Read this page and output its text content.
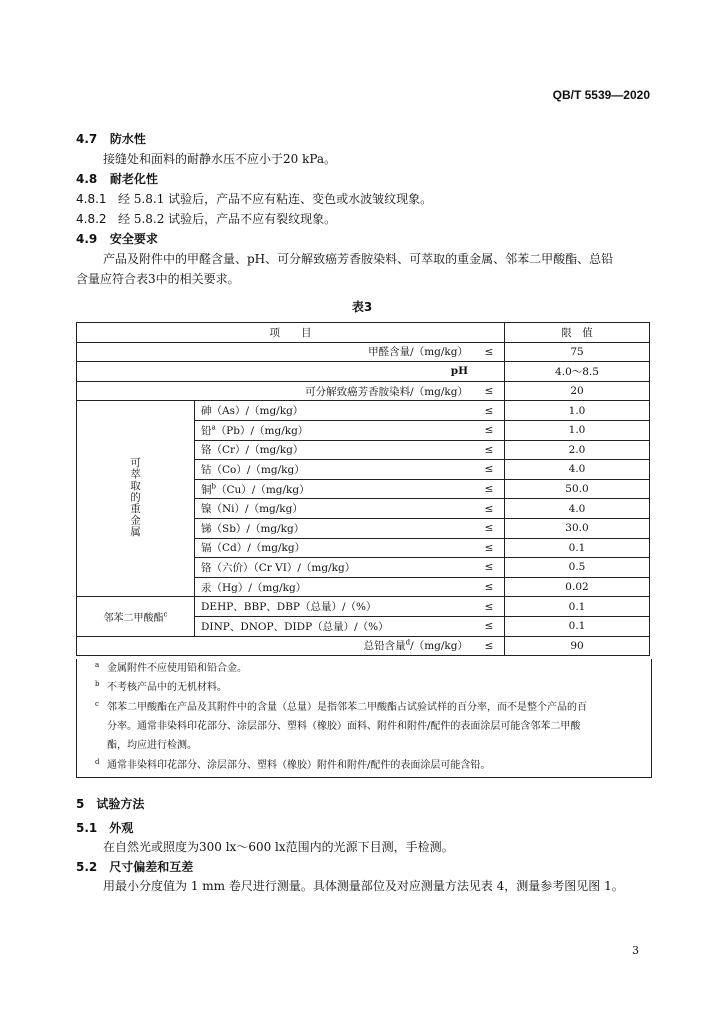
QB/T 5539—2020
4.7 防水性
接缝处和面料的耐静水压不应小于20 kPa。
4.8 耐老化性
4.8.1 经 5.8.1 试验后，产品不应有粘连、变色或水波皱纹现象。
4.8.2 经 5.8.2 试验后，产品不应有裂纹现象。
4.9 安全要求
产品及附件中的甲醛含量、pH、可分解致癌芳香胺染料、可萃取的重金属、邻苯二甲酸酯、总铅
含量应符合表3中的相关要求。
表3
项　　目			限　值
甲醛含量/（mg/kg）		≤	75
pH			4.0～8.5
可分解致癌芳香胺染料/（mg/kg）		≤	20
可萃取的重金属	砷（As）/（mg/kg）	≤	1.0
	铅$^a$（Pb）/（mg/kg）	≤	1.0
	铬（Cr）/（mg/kg）	≤	2.0
	钴（Co）/（mg/kg）	≤	4.0
	铜$^b$（Cu）/（mg/kg）	≤	50.0
	镍（Ni）/（mg/kg）	≤	4.0
	锑（Sb）/（mg/kg）	≤	30.0
	镉（Cd）/（mg/kg）	≤	0.1
	铬（六价）（Cr VI）/（mg/kg）	≤	0.5
	汞（Hg）/（mg/kg）	≤	0.02
邻苯二甲酸酯$^c$	DEHP、BBP、DBP（总量）/（%）	≤	0.1
	DINP、DNOP、DIDP（总量）/（%）	≤	0.1
总铅含量$^d$/（mg/kg）		≤	90
a 金属附件不应使用铅和铅合金。
b 不考核产品中的无机材料。
c 邻苯二甲酸酯在产品及其附件中的含量（总量）是指邻苯二甲酸酯占试验试样的百分率，而不是整个产品的百
分率。通常非染料印花部分、涂层部分、塑料（橡胶）面料、附件和附件/配件的表面涂层可能含邻苯二甲酸
酯，均应进行检测。
d 通常非染料印花部分、涂层部分、塑料（橡胶）附件和附件/配件的表面涂层可能含铅。
5　试验方法
5.1　外观
在自然光或照度为300 lx～600 lx范围内的光源下目测，手检测。
5.2　尺寸偏差和互差
用最小分度值为 1 mm 卷尺进行测量。具体测量部位及对应测量方法见表 4，测量参考图见图 1。
3
